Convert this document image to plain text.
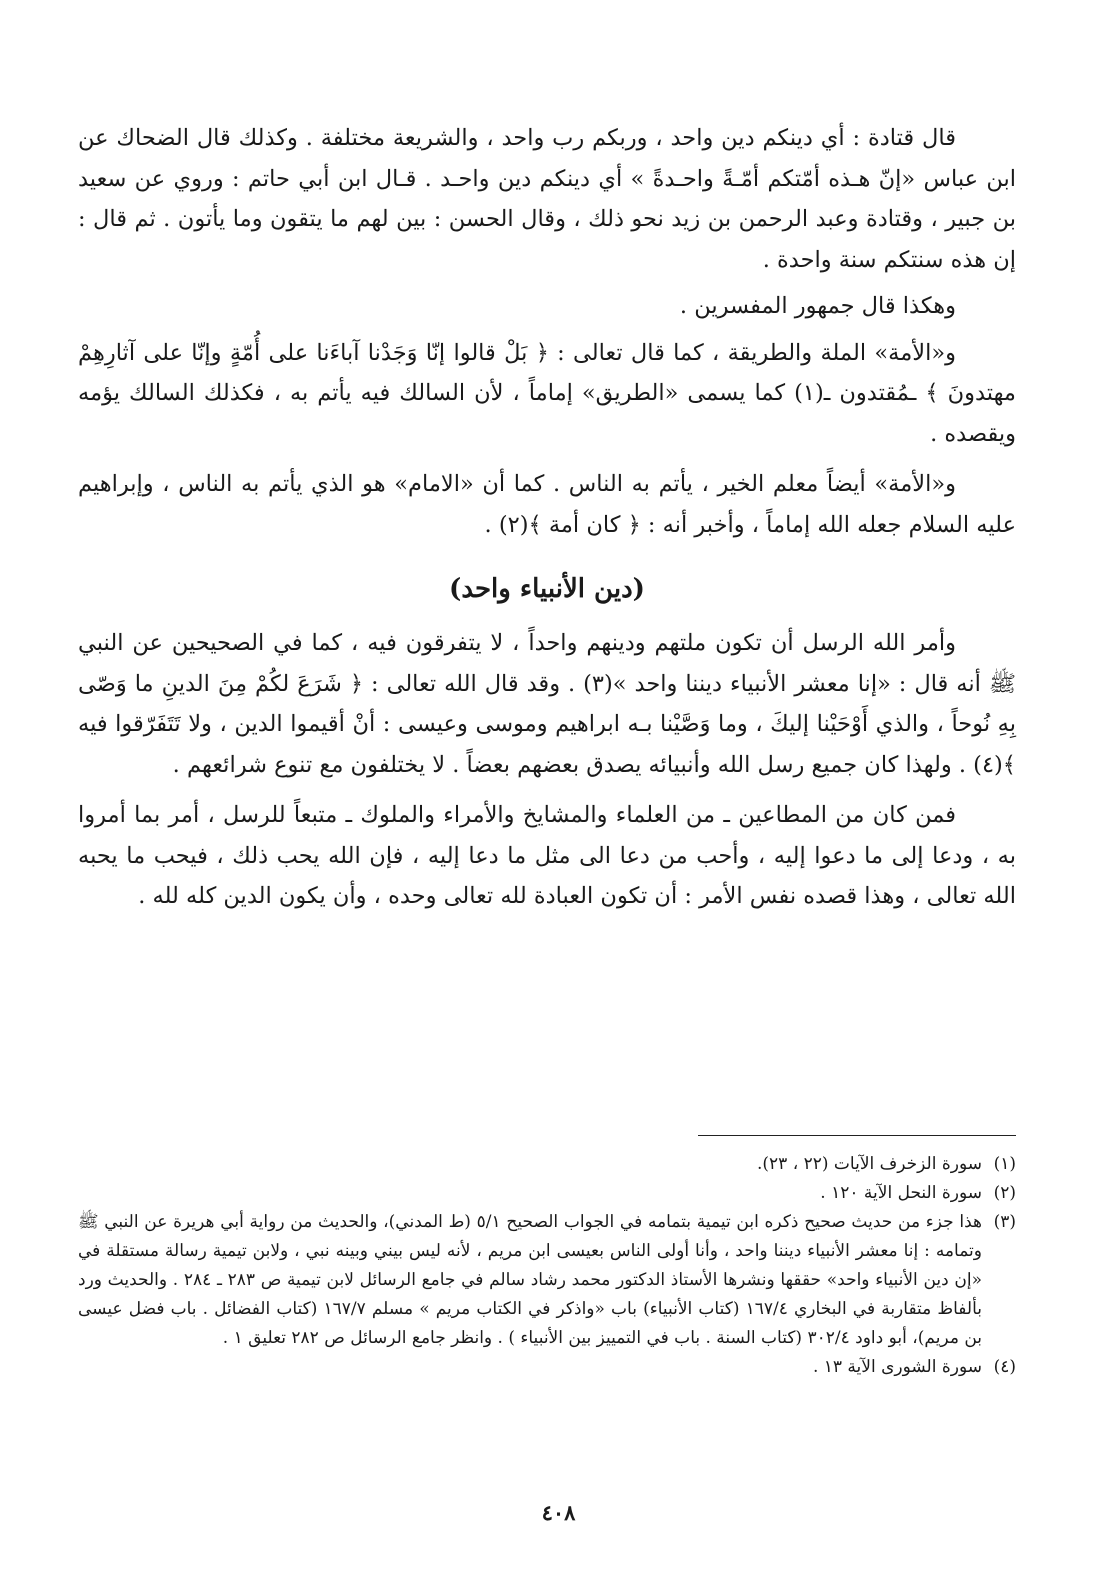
قال قتادة : أي دينكم دين واحد ، وربكم رب واحد ، والشريعة مختلفة . وكذلك قال الضحاك عن ابن عباس «إنّ هـذه أمّتكم أمّـةً واحـدةً » أي دينكم دين واحـد . قـال ابن أبي حاتم : وروي عن سعيد بن جبير ، وقتادة وعبد الرحمن بن زيد نحو ذلك ، وقال الحسن : بين لهم ما يتقون وما يأتون . ثم قال : إن هذه سنتكم سنة واحدة .

وهكذا قال جمهور المفسرين .

و«الأمة» الملة والطريقة ، كما قال تعالى : ﴿ بَلْ قالوا إنّا وَجَدْنا آباءَنا على أُمّةٍ وإنّا على آثارِهِمْ مهتدونَ ﴾ ـمُقتدون ـ(١) كما يسمى «الطريق» إماماً ، لأن السالك فيه يأتم به ، فكذلك السالك يؤمه ويقصده .

و«الأمة» أيضاً معلم الخير ، يأتم به الناس . كما أن «الامام» هو الذي يأتم به الناس ، وإبراهيم عليه السلام جعله الله إماماً ، وأخبر أنه : ﴿ كان أمة ﴾(٢) .

(دين الأنبياء واحد)

وأمر الله الرسل أن تكون ملتهم ودينهم واحداً ، لا يتفرقون فيه ، كما في الصحيحين عن النبي ﷺ أنه قال : «إنا معشر الأنبياء ديننا واحد »(٣) . وقد قال الله تعالى : ﴿ شَرَعَ لكُمْ مِنَ الدينِ ما وَصّى بِهِ نُوحاً ، والذي أَوْحَيْنا إليكَ ، وما وَصَّيْنا بـه ابراهيم وموسى وعيسى : أنْ أقيموا الدين ، ولا تَتَفَرّقوا فيه ﴾(٤) . ولهذا كان جميع رسل الله وأنبيائه يصدق بعضهم بعضاً . لا يختلفون مع تنوع شرائعهم .

فمن كان من المطاعين ـ من العلماء والمشايخ والأمراء والملوك ـ متبعاً للرسل ، أمر بما أمروا به ، ودعا إلى ما دعوا إليه ، وأحب من دعا الى مثل ما دعا إليه ، فإن الله يحب ذلك ، فيحب ما يحبه الله تعالى ، وهذا قصده نفس الأمر : أن تكون العبادة لله تعالى وحده ، وأن يكون الدين كله لله .

(١)سورة الزخرف الآيات (٢٢ ، ٢٣).

(٢)سورة النحل الآية ١٢٠ .

(٣)هذا جزء من حديث صحيح ذكره ابن تيمية بتمامه في الجواب الصحيح ٥/١ (ط المدني)، والحديث من رواية أبي هريرة عن النبي ﷺ وتمامه : إنا معشر الأنبياء ديننا واحد ، وأنا أولى الناس بعيسى ابن مريم ، لأنه ليس بيني وبينه نبي ، ولابن تيمية رسالة مستقلة في «إن دين الأنبياء واحد» حققها ونشرها الأستاذ الدكتور محمد رشاد سالم في جامع الرسائل لابن تيمية ص ٢٨٣ ـ ٢٨٤ . والحديث ورد بألفاظ متقاربة في البخاري ١٦٧/٤ (كتاب الأنبياء) باب «واذكر في الكتاب مريم » مسلم ١٦٧/٧ (كتاب الفضائل . باب فضل عيسى بن مريم)، أبو داود ٣٠٢/٤ (كتاب السنة . باب في التمييز بين الأنبياء ) . وانظر جامع الرسائل ص ٢٨٢ تعليق ١ .

(٤)سورة الشورى الآية ١٣ .

٤٠٨
